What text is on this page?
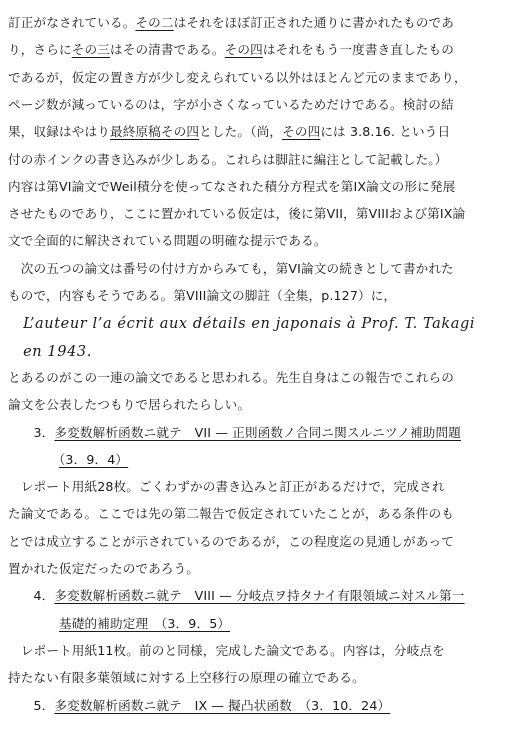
訂正がなされている。その二はそれをほぼ訂正された通りに書かれたものであ
り，さらにその三はその清書である。その四はそれをもう一度書き直したもの
であるが，仮定の置き方が少し変えられている以外はほとんど元のままであり，
ページ数が減っているのは，字が小さくなっているためだけである。検討の結
果，収録はやはり最終原稿その四とした。（尚，その四には 3.8.16. という日
付の赤インクの書き込みが少しある。これらは脚註に編注として記載した。）
内容は第VI論文でWeil積分を使ってなされた積分方程式を第IX論文の形に発展
させたものであり，ここに置かれている仮定は，後に第VII，第VIIIおよび第IX論
文で全面的に解決されている問題の明確な提示である。
　次の五つの論文は番号の付け方からみても，第VI論文の続きとして書かれた
もので，内容もそうである。第VIII論文の脚註（全集，p.127）に，
　L’auteur l’a écrit aux détails en japonais à Prof. T. Takagi
　en 1943.
とあるのがこの一連の論文であると思われる。先生自身はこの報告でこれらの
論文を公表したつもりで居られたらしい。
　　3．多変数解析函数ニ就テ　VII — 正則函数ノ合同ニ関スルニツノ補助問題
　　　　（3．9．4）
　レポート用紙28枚。ごくわずかの書き込みと訂正があるだけで，完成され
た論文である。ここでは先の第二報告で仮定されていたことが，ある条件のも
とでは成立することが示されているのであるが，この程度迄の見通しがあって
置かれた仮定だったのであろう。
　　4．多変数解析函数ニ就テ　VIII — 分岐点ヲ持タナイ有限領域ニ対スル第一
　　　　基礎的補助定理　（3．9．5）
　レポート用紙11枚。前のと同様，完成した論文である。内容は，分岐点を
持たない有限多葉領域に対する上空移行の原理の確立である。
　　5．多変数解析函数ニ就テ　IX — 擬凸状函数　（3．10．24）
